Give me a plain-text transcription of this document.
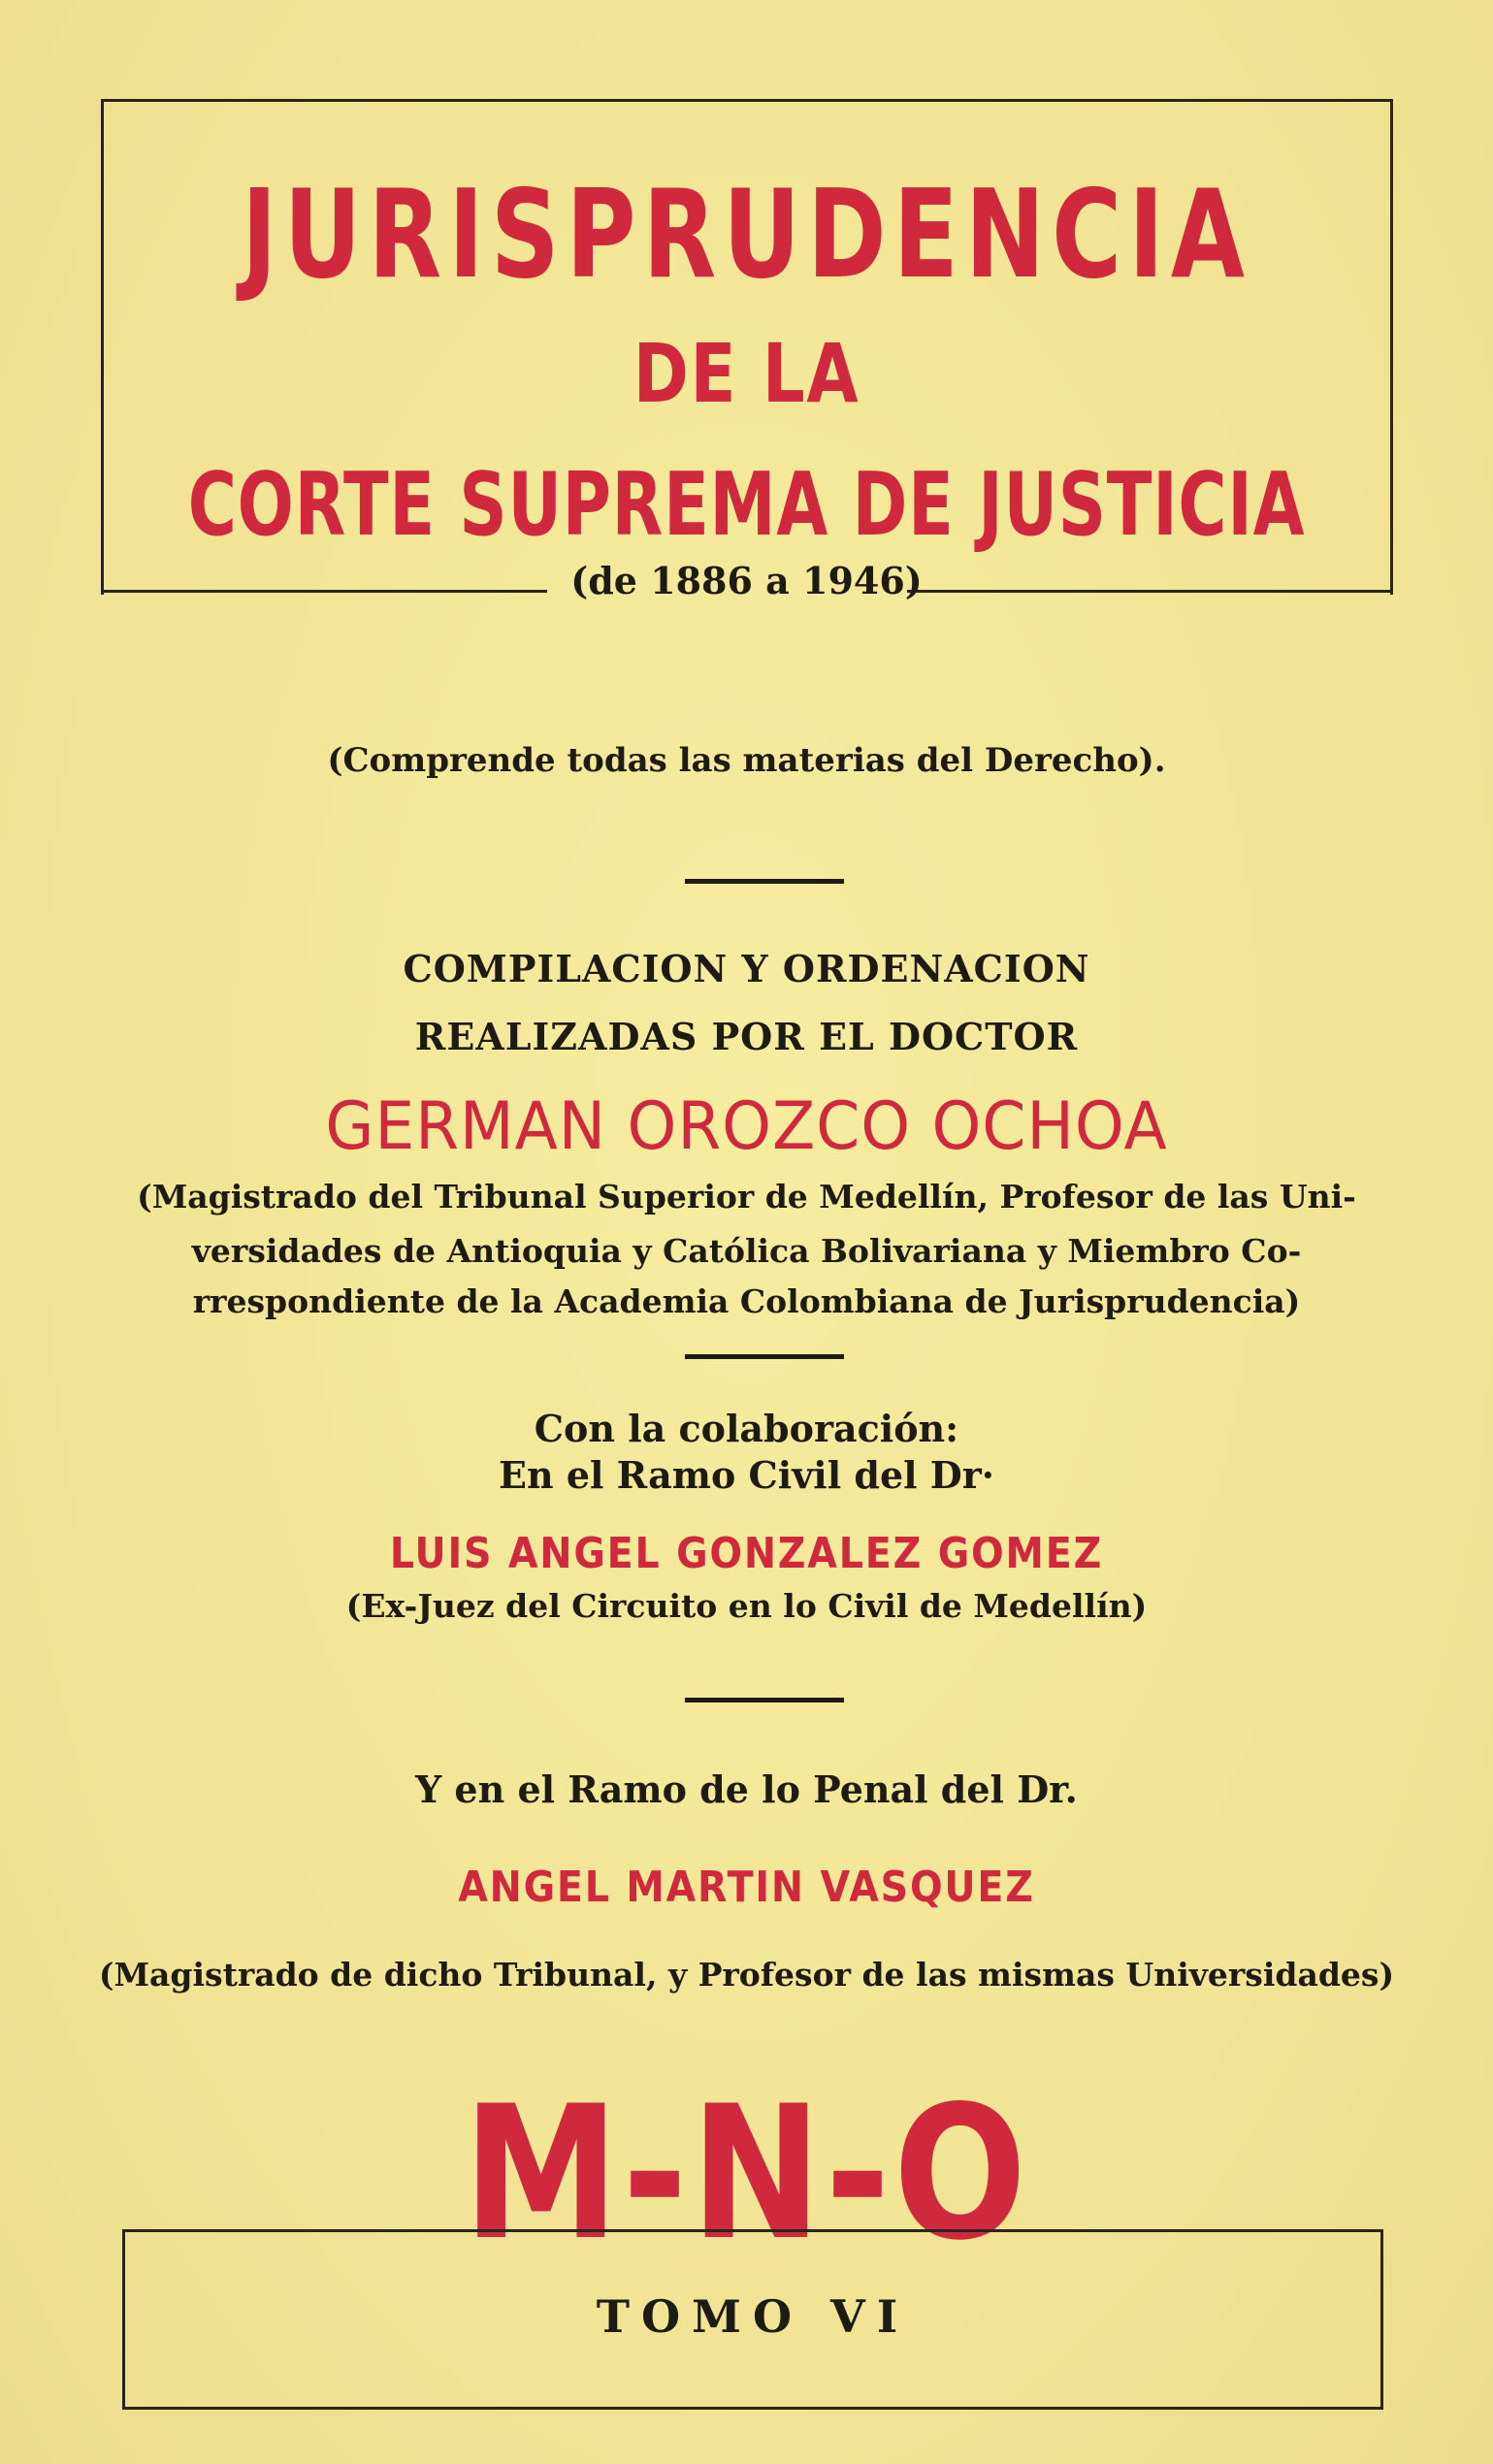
JURISPRUDENCIA
DE LA
CORTE SUPREMA DE JUSTICIA
(de 1886 a 1946)
(Comprende todas las materias del Derecho).
COMPILACION Y ORDENACION
REALIZADAS POR EL DOCTOR
GERMAN OROZCO OCHOA
(Magistrado del Tribunal Superior de Medellín, Profesor de las Uni-
versidades de Antioquia y Católica Bolivariana y Miembro Co-
rrespondiente de la Academia Colombiana de Jurisprudencia)
Con la colaboración:
En el Ramo Civil del Dr·
LUIS ANGEL GONZALEZ GOMEZ
(Ex-Juez del Circuito en lo Civil de Medellín)
Y en el Ramo de lo Penal del Dr.
ANGEL MARTIN VASQUEZ
(Magistrado de dicho Tribunal, y Profesor de las mismas Universidades)
M-N-O
TOMO VI
